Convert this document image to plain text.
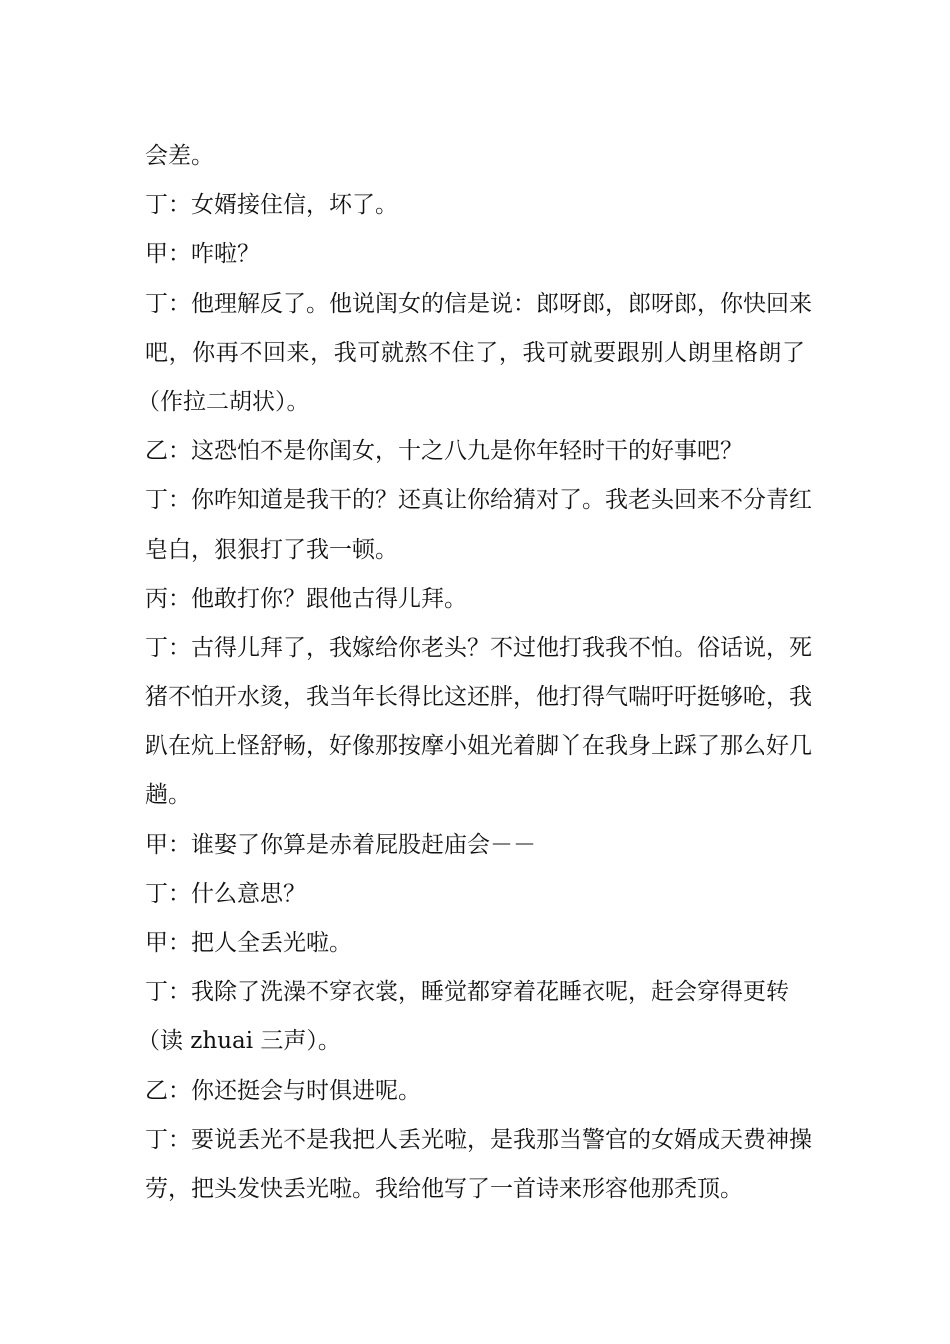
会差。
丁：女婿接住信，坏了。
甲：咋啦？
丁：他理解反了。他说闺女的信是说：郎呀郎，郎呀郎，你快回来
吧，你再不回来，我可就熬不住了，我可就要跟别人朗里格朗了
（作拉二胡状）。
乙：这恐怕不是你闺女，十之八九是你年轻时干的好事吧？
丁：你咋知道是我干的？还真让你给猜对了。我老头回来不分青红
皂白，狠狠打了我一顿。
丙：他敢打你？跟他古得儿拜。
丁：古得儿拜了，我嫁给你老头？不过他打我我不怕。俗话说，死
猪不怕开水烫，我当年长得比这还胖，他打得气喘吁吁挺够呛，我
趴在炕上怪舒畅，好像那按摩小姐光着脚丫在我身上踩了那么好几
趟。
甲：谁娶了你算是赤着屁股赶庙会－－
丁：什么意思？
甲：把人全丢光啦。
丁：我除了洗澡不穿衣裳，睡觉都穿着花睡衣呢，赶会穿得更转
（读 zhuai 三声）。
乙：你还挺会与时俱进呢。
丁：要说丢光不是我把人丢光啦，是我那当警官的女婿成天费神操
劳，把头发快丢光啦。我给他写了一首诗来形容他那秃顶。
